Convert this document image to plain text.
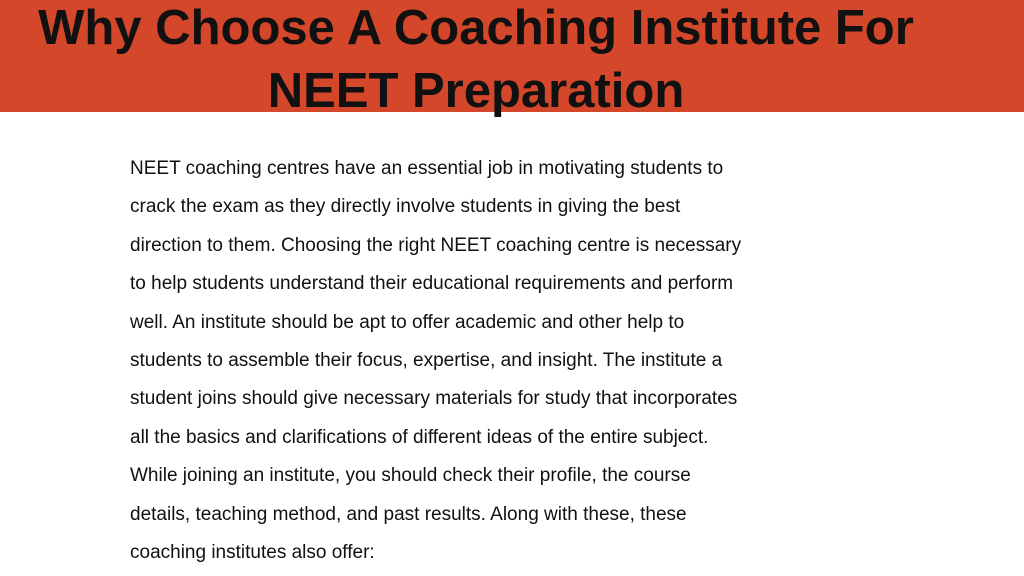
Why Choose A Coaching Institute For
NEET Preparation
NEET coaching centres have an essential job in motivating students to
crack the exam as they directly involve students in giving the best
direction to them. Choosing the right NEET coaching centre is necessary
to help students understand their educational requirements and perform
well. An institute should be apt to offer academic and other help to
students to assemble their focus, expertise, and insight. The institute a
student joins should give necessary materials for study that incorporates
all the basics and clarifications of different ideas of the entire subject.
While joining an institute, you should check their profile, the course
details, teaching method, and past results. Along with these, these
coaching institutes also offer:
